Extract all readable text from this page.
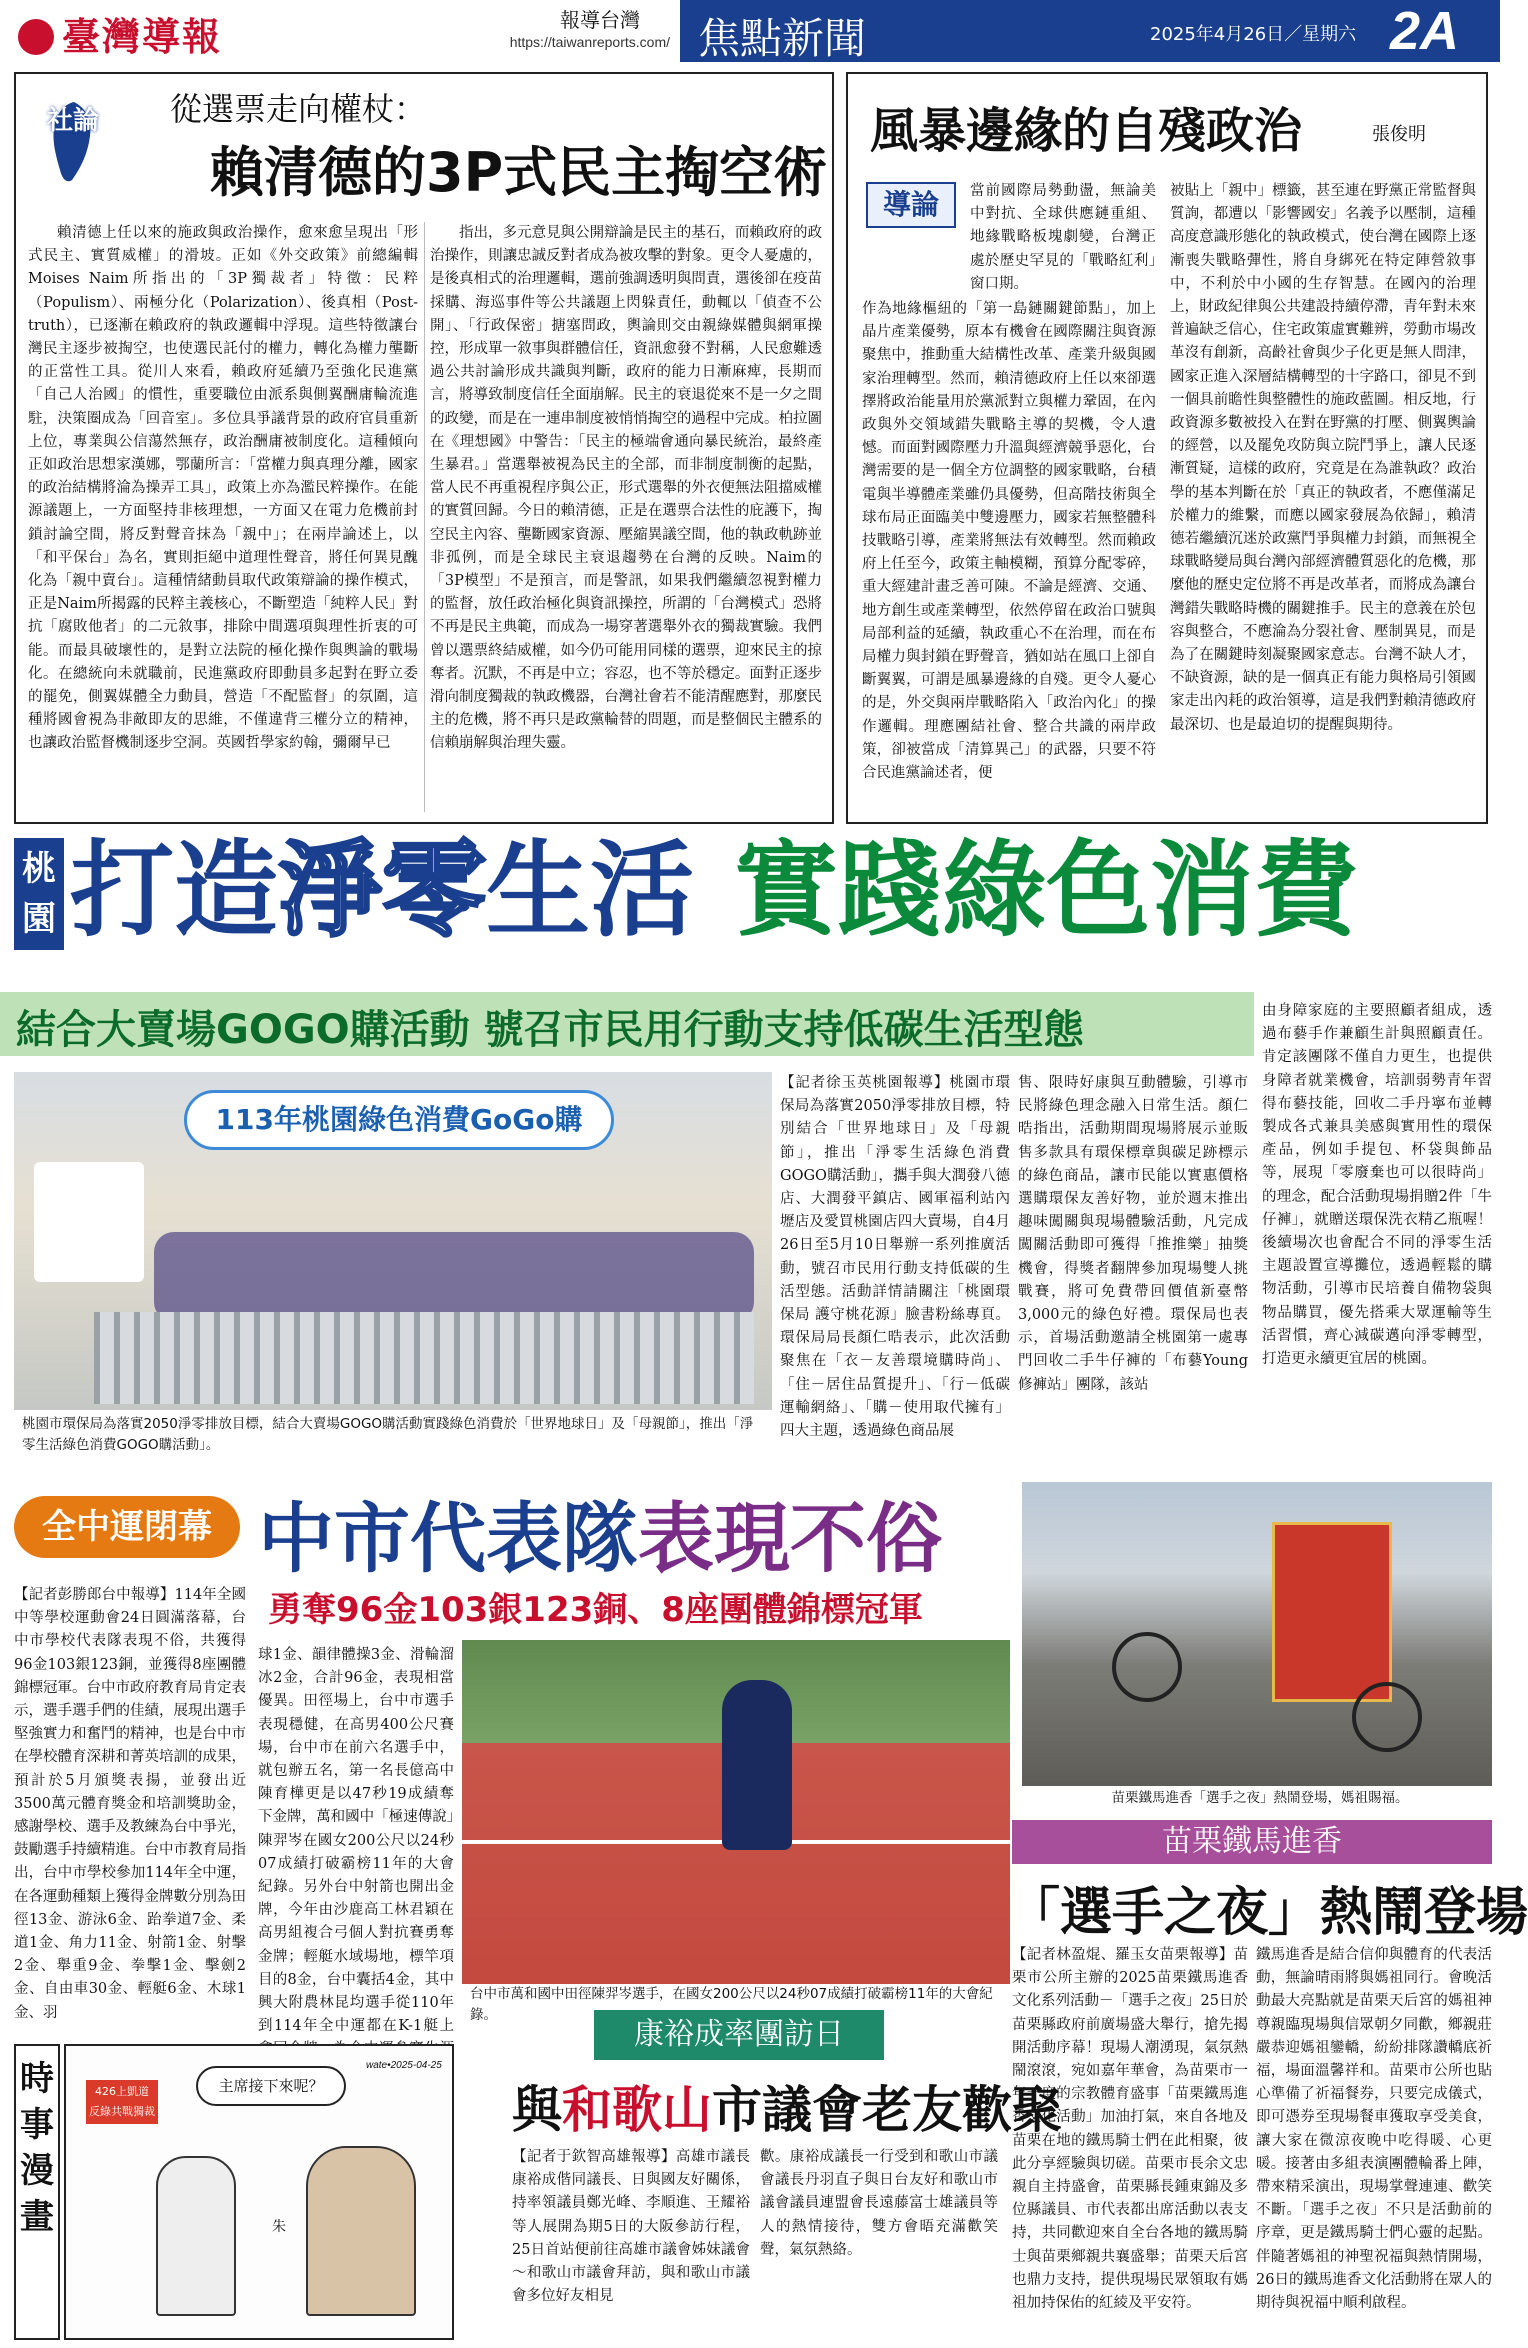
臺灣導報	報導台灣
https://taiwanreports.com/ 焦點新聞	2025年4月26日／星期六 2A
社論 從選票走向權杖：
賴清德的3P式民主掏空術
賴清德上任以來的施政與政治操作，愈來愈呈現出「形式民主、實質威權」的滑坡。正如《外交政策》前總編輯Moises Naim所指出的「3P獨裁者」特徵：民粹（Populism）、兩極分化（Polarization）、後真相（Post-truth），已逐漸在賴政府的執政邏輯中浮現。這些特徵讓台灣民主逐步被掏空，也使選民託付的權力，轉化為權力壟斷的正當性工具。從川人來看，賴政府延續乃至強化民進黨「自己人治國」的慣性，重要職位由派系與側翼酬庸輪流進駐，決策圈成為「回音室」。多位具爭議背景的政府官員重新上位，專業與公信蕩然無存，政治酬庸被制度化。這種傾向正如政治思想家漢娜，鄂蘭所言：「當權力與真理分離，國家的政治結構將淪為操弄工具」，政策上亦為濫民粹操作。在能源議題上，一方面堅持非核理想，一方面又在電力危機前封鎖討論空間，將反對聲音抹為「親中」；在兩岸論述上，以「和平保台」為名，實則拒絕中道理性聲音，將任何異見醜化為「親中賣台」。這種情緒動員取代政策辯論的操作模式，正是Naim所揭露的民粹主義核心，不斷塑造「純粹人民」對抗「腐敗他者」的二元敘事，排除中間選項與理性折衷的可能。而最具破壞性的，是對立法院的極化操作與輿論的戰場化。在總統向未就職前，民進黨政府即動員多起對在野立委的罷免，側翼媒體全力動員，營造「不配監督」的氛圍，這種將國會視為非敵即友的思維，不僅違背三權分立的精神，也讓政治監督機制逐步空洞。英國哲學家約翰，彌爾早已
指出，多元意見與公開辯論是民主的基石，而賴政府的政治操作，則讓忠誠反對者成為被攻擊的對象。更令人憂慮的，是後真相式的治理邏輯，選前強調透明與問責，選後卻在疫苗採購、海巡事件等公共議題上閃躲責任，動輒以「偵查不公開」、「行政保密」搪塞問政，輿論則交由親綠媒體與網軍操控，形成單一敘事與群體信任，資訊愈發不對稱，人民愈難透過公共討論形成共識與判斷，政府的能力日漸麻痺，長期而言，將導致制度信任全面崩解。民主的衰退從來不是一夕之間的政變，而是在一連串制度被悄悄掏空的過程中完成。柏拉圖在《理想國》中警告：「民主的極端會通向暴民統治，最終產生暴君。」當選舉被視為民主的全部，而非制度制衡的起點，當人民不再重視程序與公正，形式選舉的外衣便無法阻擋威權的實質回歸。今日的賴清德，正是在選票合法性的庇護下，掏空民主內容、壟斷國家資源、壓縮異議空間，他的執政軌跡並非孤例，而是全球民主衰退趨勢在台灣的反映。Naim的「3P模型」不是預言，而是警訊，如果我們繼續忽視對權力的監督，放任政治極化與資訊操控，所謂的「台灣模式」恐將不再是民主典範，而成為一場穿著選舉外衣的獨裁實驗。我們曾以選票終結威權，如今仍可能用同樣的選票，迎來民主的掠奪者。沉默，不再是中立；容忍，也不等於穩定。面對正逐步滑向制度獨裁的執政機器，台灣社會若不能清醒應對，那麼民主的危機，將不再只是政黨輪替的問題，而是整個民主體系的信賴崩解與治理失靈。
風暴邊緣的自殘政治	張俊明
導論	當前國際局勢動盪，無論美中對抗、全球供應鏈重組、地緣戰略板塊劇變，台灣正處於歷史罕見的「戰略紅利」窗口期。
作為地緣樞紐的「第一島鏈關鍵節點」，加上晶片產業優勢，原本有機會在國際關注與資源聚焦中，推動重大結構性改革、產業升級與國家治理轉型。然而，賴清德政府上任以來卻選擇將政治能量用於黨派對立與權力鞏固，在內政與外交領域錯失戰略主導的契機，令人遺憾。而面對國際壓力升溫與經濟競爭惡化，台灣需要的是一個全方位調整的國家戰略，台積電與半導體產業雖仍具優勢，但高階技術與全球布局正面臨美中雙邊壓力，國家若無整體科技戰略引導，產業將無法有效轉型。然而賴政府上任至今，政策主軸模糊，預算分配零碎，重大經建計畫乏善可陳。不論是經濟、交通、地方創生或產業轉型，依然停留在政治口號與局部利益的延續，執政重心不在治理，而在布局權力與封鎖在野聲音，猶如站在風口上卻自斷翼翼，可謂是風暴邊緣的自殘。更令人憂心的是，外交與兩岸戰略陷入「政治內化」的操作邏輯。理應團結社會、整合共識的兩岸政策，卻被當成「清算異己」的武器，只要不符合民進黨論述者，便
被貼上「親中」標籤，甚至連在野黨正常監督與質詢，都遭以「影響國安」名義予以壓制，這種高度意識形態化的執政模式，使台灣在國際上逐漸喪失戰略彈性，將自身綁死在特定陣營敘事中，不利於中小國的生存智慧。在國內的治理上，財政紀律與公共建設持續停滯，青年對未來普遍缺乏信心，住宅政策虛實難辨，勞動市場改革沒有創新，高齡社會與少子化更是無人問津，國家正進入深層結構轉型的十字路口，卻見不到一個具前瞻性與整體性的施政藍圖。相反地，行政資源多數被投入在對在野黨的打壓、側翼輿論的經營，以及罷免攻防與立院鬥爭上，讓人民逐漸質疑，這樣的政府，究竟是在為誰執政？政治學的基本判斷在於「真正的執政者，不應僅滿足於權力的維繫，而應以國家發展為依歸」，賴清德若繼續沉迷於政黨鬥爭與權力封鎖，而無視全球戰略變局與台灣內部經濟體質惡化的危機，那麼他的歷史定位將不再是改革者，而將成為讓台灣錯失戰略時機的關鍵推手。民主的意義在於包容與整合，不應淪為分裂社會、壓制異見，而是為了在關鍵時刻凝聚國家意志。台灣不缺人才，不缺資源，缺的是一個真正有能力與格局引領國家走出內耗的政治領導，這是我們對賴清德政府最深切、也是最迫切的提醒與期待。
桃園 打造淨零生活 實踐綠色消費
結合大賣場GOGO購活動 號召市民用行動支持低碳生活型態
113年桃園綠色消費GoGo購
桃園市環保局為落實2050淨零排放目標，結合大賣場GOGO購活動實踐綠色消費於「世界地球日」及「母親節」，推出「淨零生活綠色消費GOGO購活動」。
【記者徐玉英桃園報導】桃園市環保局為落實2050淨零排放目標，特別結合「世界地球日」及「母親節」，推出「淨零生活綠色消費GOGO購活動」，攜手與大潤發八德店、大潤發平鎮店、國軍福利站內壢店及愛買桃園店四大賣場，自4月26日至5月10日舉辦一系列推廣活動，號召市民用行動支持低碳的生活型態。活動詳情請關注「桃園環保局 護守桃花源」臉書粉絲專頁。環保局局長顏仁晧表示，此次活動聚焦在「衣－友善環境購時尚」、「住－居住品質提升」、「行－低碳運輸網絡」、「購－使用取代擁有」四大主題，透過綠色商品展
售、限時好康與互動體驗，引導市民將綠色理念融入日常生活。顏仁晧指出，活動期間現場將展示並販售多款具有環保標章與碳足跡標示的綠色商品，讓市民能以實惠價格選購環保友善好物，並於週末推出趣味闖關與現場體驗活動，凡完成闖關活動即可獲得「推推樂」抽獎機會，得獎者翻牌參加現場雙人挑戰賽，將可免費帶回價值新臺幣3,000元的綠色好禮。環保局也表示，首場活動邀請全桃園第一處專門回收二手牛仔褲的「布藝Young修褲站」團隊，該站
由身障家庭的主要照顧者組成，透過布藝手作兼顧生計與照顧責任。肯定該團隊不僅自力更生，也提供身障者就業機會，培訓弱勢青年習得布藝技能，回收二手丹寧布並轉製成各式兼具美感與實用性的環保產品，例如手提包、杯袋與飾品等，展現「零廢棄也可以很時尚」的理念，配合活動現場捐贈2件「牛仔褲」，就贈送環保洗衣精乙瓶喔！後續場次也會配合不同的淨零生活主題設置宣導攤位，透過輕鬆的購物活動，引導市民培養自備物袋與物品購買，優先搭乘大眾運輸等生活習慣，齊心減碳邁向淨零轉型，打造更永續更宜居的桃園。
全中運閉幕 中市代表隊表現不俗
勇奪96金103銀123銅、8座團體錦標冠軍
【記者彭勝郎台中報導】114年全國中等學校運動會24日圓滿落幕，台中市學校代表隊表現不俗，共獲得96金103銀123銅，並獲得8座團體錦標冠軍。台中市政府教育局肯定表示，選手選手們的佳績，展現出選手堅強實力和奮鬥的精神，也是台中市在學校體育深耕和菁英培訓的成果，預計於5月頒獎表揚，並發出近3500萬元體育獎金和培訓獎助金，感謝學校、選手及教練為台中爭光，鼓勵選手持續精進。台中市教育局指出，台中市學校參加114年全中運，在各運動種類上獲得金牌數分別為田徑13金、游泳6金、跆拳道7金、柔道1金、角力11金、射箭1金、射擊2金、舉重9金、拳擊1金、擊劍2金、自由車30金、輕艇6金、木球1金、羽
球1金、韻律體操3金、滑輪溜冰2金，合計96金，表現相當優異。田徑場上，台中市選手表現穩健，在高男400公尺賽場，台中市在前六名選手中，就包辦五名，第一名長億高中陳育樺更是以47秒19成績奪下金牌，萬和國中「極速傳說」陳羿岑在國女200公尺以24秒07成績打破霸榜11年的大會紀錄。另外台中射箭也開出金牌，今年由沙鹿高工林君穎在高男組複合弓個人對抗賽勇奪金牌；輕艇水域場地，標竿項目的8金，台中囊括4金，其中興大附農林昆均選手從110年到114年全中運都在K-1艇上
台中市萬和國中田徑陳羿岑選手，在國女200公尺以24秒07成績打破霸榜11年的大會紀錄。
時事漫畫
426上凱道
反綠共戰獨裁
主席接下來呢？
wate•2025-04-25
朱
康裕成率團訪日
與和歌山市議會老友歡聚
【記者于欽智高雄報導】高雄市議長康裕成偕同議長、日與國友好關係，持率領議員鄭光峰、李順進、王耀裕等人展開為期5日的大阪參訪行程，25日首站便前往高雄市議會姊妹議會～和歌山市議會拜訪，與和歌山市議會多位好友相見
歡。康裕成議長一行受到和歌山市議會議長丹羽直子與日台友好和歌山市議會議員連盟會長遠藤富士雄議員等人的熱情接待，雙方會晤充滿歡笑聲，氣氛熱絡。
苗栗鐵馬進香「選手之夜」熱鬧登場，媽祖賜福。
苗栗鐵馬進香
「選手之夜」熱鬧登場
【記者林盈焜、羅玉女苗栗報導】苗栗市公所主辦的2025苗栗鐵馬進香文化系列活動－「選手之夜」25日於苗栗縣政府前廣場盛大舉行，搶先揭開活動序幕！現場人潮湧現，氣氛熱鬧滾滾，宛如嘉年華會，為苗栗市一年一度的宗教體育盛事「苗栗鐵馬進香文化活動」加油打氣，來自各地及苗栗在地的鐵馬騎士們在此相聚，彼此分享經驗與切磋。苗栗市長余文忠親自主持盛會，苗栗縣長鍾東錦及多位縣議員、市代表都出席活動以表支持，共同歡迎來自全台各地的鐵馬騎士與苗栗鄉親共襄盛舉；苗栗天后宮也鼎力支持，提供現場民眾領取有媽祖加持保佑的紅綾及平安符。
鐵馬進香是結合信仰與體育的代表活動，無論晴雨將與媽祖同行。會晚活動最大亮點就是苗栗天后宮的媽祖神尊親臨現場與信眾朝夕同歡，鄉親莊嚴恭迎媽祖鑾轎，紛紛排隊讚轎底祈福，場面溫馨祥和。苗栗市公所也貼心準備了祈福餐券，只要完成儀式，即可憑券至現場餐車獲取享受美食，讓大家在微涼夜晚中吃得暖、心更暖。接著由多組表演團體輪番上陣，帶來精采演出，現場掌聲連連、歡笑不斷。「選手之夜」不只是活動前的序章，更是鐵馬騎士們心靈的起點。伴隨著媽祖的神聖祝福與熱情開場，26日的鐵馬進香文化活動將在眾人的期待與祝福中順利啟程。
